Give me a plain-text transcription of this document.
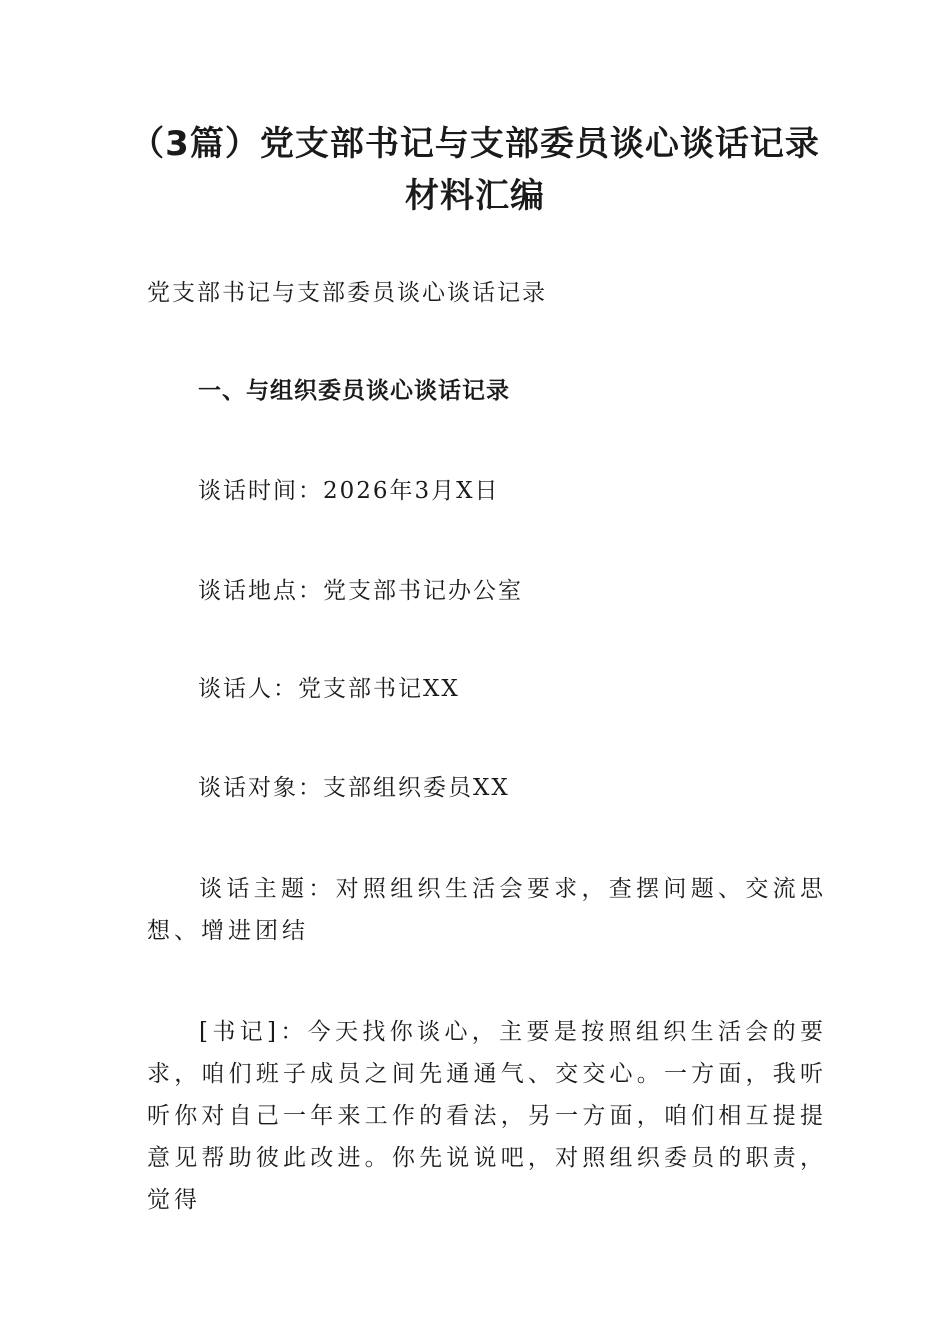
（3篇）党支部书记与支部委员谈心谈话记录材料汇编

党支部书记与支部委员谈心谈话记录

一、与组织委员谈心谈话记录

谈话时间：2026年3月X日

谈话地点：党支部书记办公室

谈话人：党支部书记XX

谈话对象：支部组织委员XX

谈话主题：对照组织生活会要求，查摆问题、交流思想、增进团结

[书记]：今天找你谈心，主要是按照组织生活会的要求，咱们班子成员之间先通通气、交交心。一方面，我听听你对自己一年来工作的看法，另一方面，咱们相互提提意见帮助彼此改进。你先说说吧，对照组织委员的职责，觉得
